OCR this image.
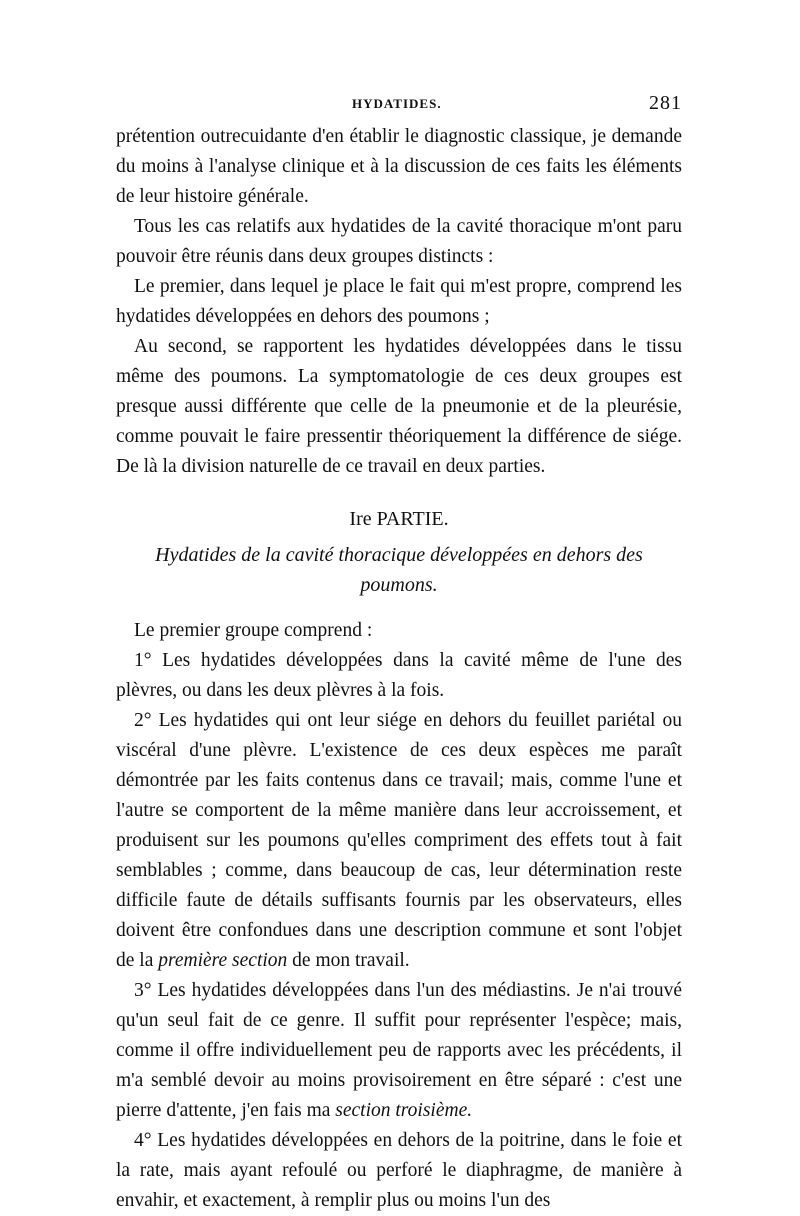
HYDATIDES.	281

prétention outrecuidante d'en établir le diagnostic classique, je demande du moins à l'analyse clinique et à la discussion de ces faits les éléments de leur histoire générale.

Tous les cas relatifs aux hydatides de la cavité thoracique m'ont paru pouvoir être réunis dans deux groupes distincts :

Le premier, dans lequel je place le fait qui m'est propre, comprend les hydatides développées en dehors des poumons ;

Au second, se rapportent les hydatides développées dans le tissu même des poumons. La symptomatologie de ces deux groupes est presque aussi différente que celle de la pneumonie et de la pleurésie, comme pouvait le faire pressentir théoriquement la différence de siége. De là la division naturelle de ce travail en deux parties.

Ire PARTIE.
Hydatides de la cavité thoracique développées en dehors des poumons.

Le premier groupe comprend :

1° Les hydatides développées dans la cavité même de l'une des plèvres, ou dans les deux plèvres à la fois.

2° Les hydatides qui ont leur siége en dehors du feuillet pariétal ou viscéral d'une plèvre. L'existence de ces deux espèces me paraît démontrée par les faits contenus dans ce travail; mais, comme l'une et l'autre se comportent de la même manière dans leur accroissement, et produisent sur les poumons qu'elles compriment des effets tout à fait semblables ; comme, dans beaucoup de cas, leur détermination reste difficile faute de détails suffisants fournis par les observateurs, elles doivent être confondues dans une description commune et sont l'objet de la première section de mon travail.

3° Les hydatides développées dans l'un des médiastins. Je n'ai trouvé qu'un seul fait de ce genre. Il suffit pour représenter l'espèce; mais, comme il offre individuellement peu de rapports avec les précédents, il m'a semblé devoir au moins provisoirement en être séparé : c'est une pierre d'attente, j'en fais ma section troisième.

4° Les hydatides développées en dehors de la poitrine, dans le foie et la rate, mais ayant refoulé ou perforé le diaphragme, de manière à envahir, et exactement, à remplir plus ou moins l'un des
